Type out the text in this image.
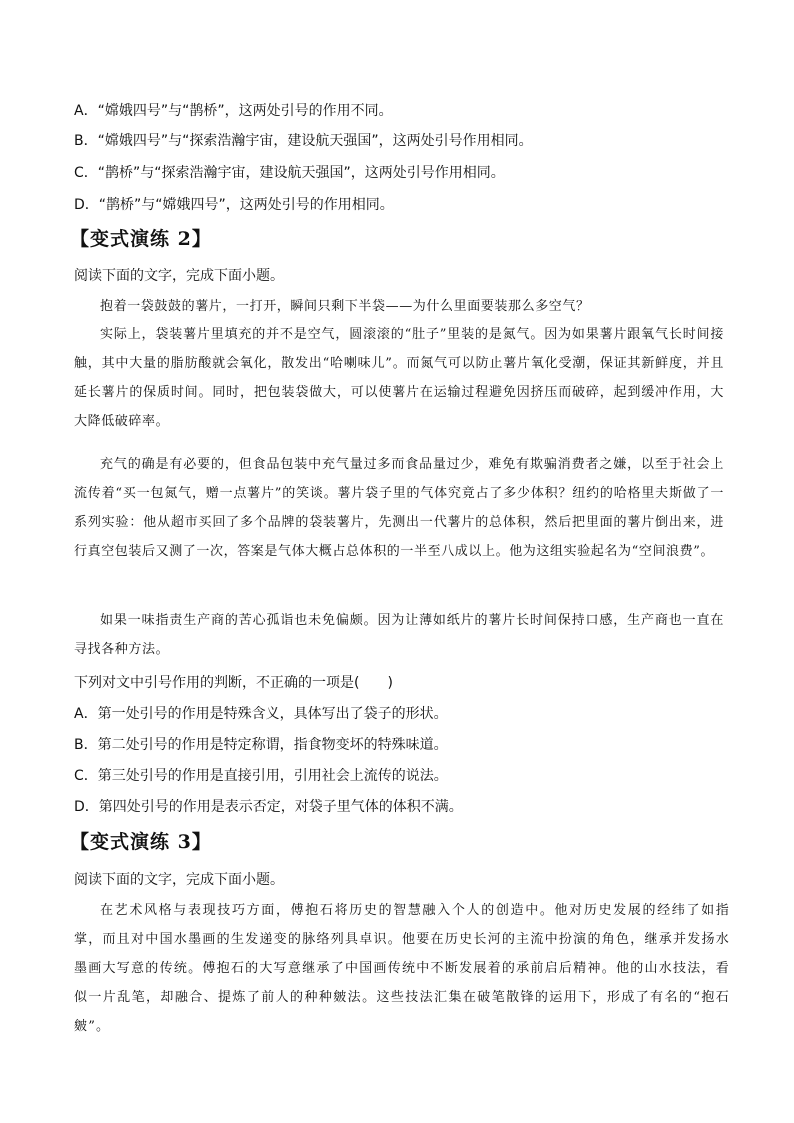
A．“嫦娥四号”与“鹊桥”，这两处引号的作用不同。
B．“嫦娥四号”与“探索浩瀚宇宙，建设航天强国”，这两处引号作用相同。
C．“鹊桥”与“探索浩瀚宇宙，建设航天强国”，这两处引号作用相同。
D．“鹊桥”与“嫦娥四号”，这两处引号的作用相同。
【变式演练 2】
阅读下面的文字，完成下面小题。
抱着一袋鼓鼓的薯片，一打开，瞬间只剩下半袋——为什么里面要装那么多空气？
实际上，袋装薯片里填充的并不是空气，圆滚滚的“肚子”里装的是氮气。因为如果薯片跟氧气长时间接触，其中大量的脂肪酸就会氧化，散发出“哈喇味儿”。而氮气可以防止薯片氧化受潮，保证其新鲜度，并且延长薯片的保质时间。同时，把包装袋做大，可以使薯片在运输过程避免因挤压而破碎，起到缓冲作用，大大降低破碎率。
充气的确是有必要的，但食品包装中充气量过多而食品量过少，难免有欺骗消费者之嫌，以至于社会上流传着“买一包氮气，赠一点薯片”的笑谈。薯片袋子里的气体究竟占了多少体积？纽约的哈格里夫斯做了一系列实验：他从超市买回了多个品牌的袋装薯片，先测出一代薯片的总体积，然后把里面的薯片倒出来，进行真空包装后又测了一次，答案是气体大概占总体积的一半至八成以上。他为这组实验起名为“空间浪费”。
如果一味指责生产商的苦心孤诣也未免偏颇。因为让薄如纸片的薯片长时间保持口感，生产商也一直在寻找各种方法。
下列对文中引号作用的判断，不正确的一项是(　　)
A．第一处引号的作用是特殊含义，具体写出了袋子的形状。
B．第二处引号的作用是特定称谓，指食物变坏的特殊味道。
C．第三处引号的作用是直接引用，引用社会上流传的说法。
D．第四处引号的作用是表示否定，对袋子里气体的体积不满。
【变式演练 3】
阅读下面的文字，完成下面小题。
在艺术风格与表现技巧方面，傅抱石将历史的智慧融入个人的创造中。他对历史发展的经纬了如指掌，而且对中国水墨画的生发递变的脉络列具卓识。他要在历史长河的主流中扮演的角色，继承并发扬水墨画大写意的传统。傅抱石的大写意继承了中国画传统中不断发展着的承前启后精神。他的山水技法，看似一片乱笔，却融合、提炼了前人的种种皴法。这些技法汇集在破笔散锋的运用下，形成了有名的“抱石皴”。
